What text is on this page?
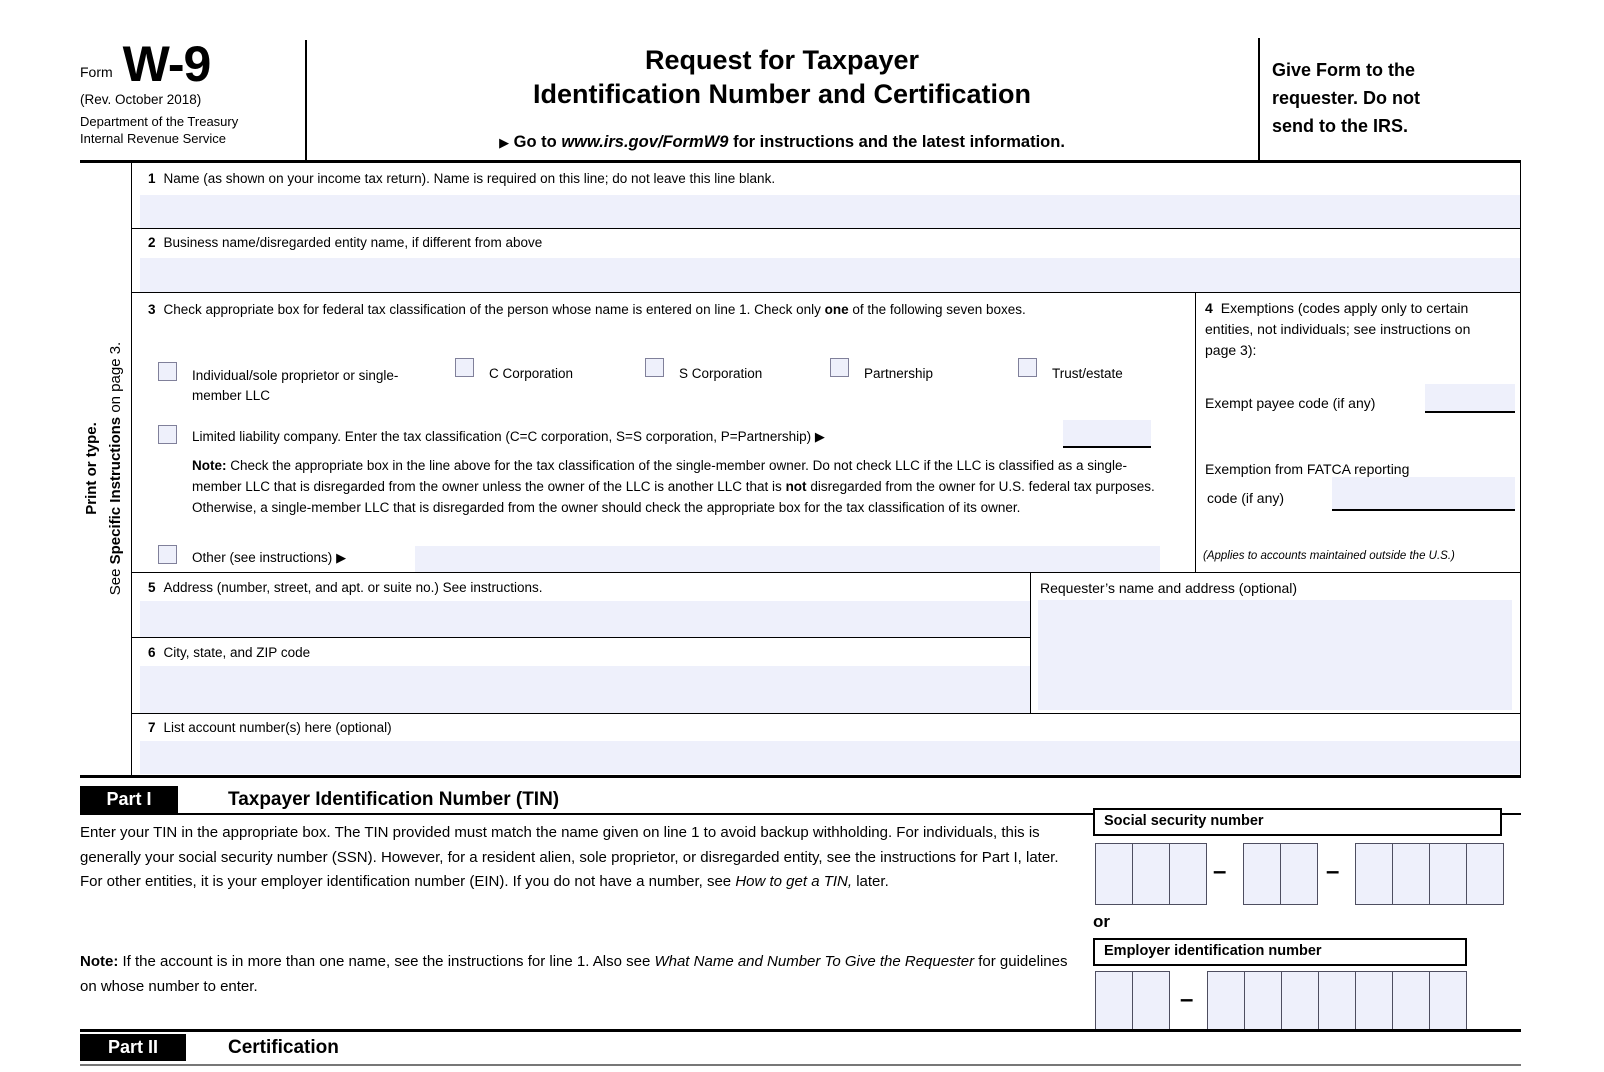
Form W-9
(Rev. October 2018)
Department of the Treasury
Internal Revenue Service
Request for Taxpayer
Identification Number and Certification
▶ Go to www.irs.gov/FormW9 for instructions and the latest information.
Give Form to the
requester. Do not
send to the IRS.
Print or type.
See Specific Instructions on page 3.
1 Name (as shown on your income tax return). Name is required on this line; do not leave this line blank.
2 Business name/disregarded entity name, if different from above
3 Check appropriate box for federal tax classification of the person whose name is entered on line 1. Check only one of the following seven boxes.
Individual/sole proprietor or single-member LLC
C Corporation	S Corporation	Partnership	Trust/estate
Limited liability company. Enter the tax classification (C=C corporation, S=S corporation, P=Partnership) ▶
Note: Check the appropriate box in the line above for the tax classification of the single-member owner. Do not check LLC if the LLC is classified as a single-member LLC that is disregarded from the owner unless the owner of the LLC is another LLC that is not disregarded from the owner for U.S. federal tax purposes. Otherwise, a single-member LLC that is disregarded from the owner should check the appropriate box for the tax classification of its owner.
Other (see instructions) ▶
4 Exemptions (codes apply only to certain entities, not individuals; see instructions on page 3):
Exempt payee code (if any)
Exemption from FATCA reporting
code (if any)
(Applies to accounts maintained outside the U.S.)
5 Address (number, street, and apt. or suite no.) See instructions.
6 City, state, and ZIP code
Requester’s name and address (optional)
7 List account number(s) here (optional)
Part I	Taxpayer Identification Number (TIN)
Enter your TIN in the appropriate box. The TIN provided must match the name given on line 1 to avoid backup withholding. For individuals, this is generally your social security number (SSN). However, for a resident alien, sole proprietor, or disregarded entity, see the instructions for Part I, later. For other entities, it is your employer identification number (EIN). If you do not have a number, see How to get a TIN, later.
Note: If the account is in more than one name, see the instructions for line 1. Also see What Name and Number To Give the Requester for guidelines on whose number to enter.
Social security number
–	–
or
Employer identification number
–
Part II	Certification
